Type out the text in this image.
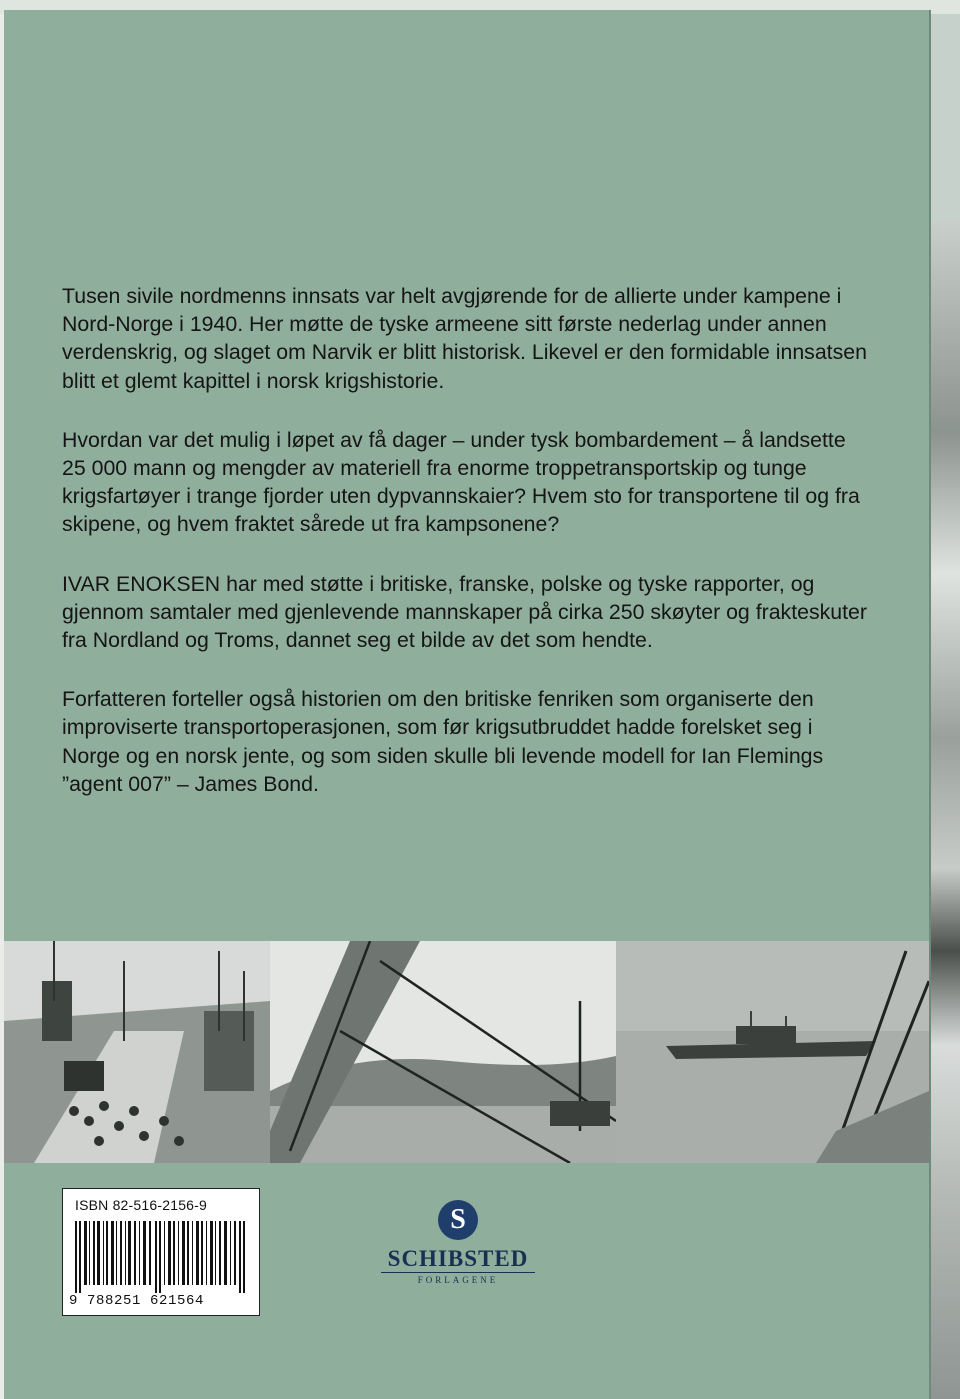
Tusen sivile nordmenns innsats var helt avgjørende for de allierte under kampene i Nord-Norge i 1940. Her møtte de tyske armeene sitt første nederlag under annen verdenskrig, og slaget om Narvik er blitt historisk. Likevel er den formidable innsatsen blitt et glemt kapittel i norsk krigshistorie.

Hvordan var det mulig i løpet av få dager – under tysk bombardement – å landsette 25 000 mann og mengder av materiell fra enorme troppetransportskip og tunge krigsfartøyer i trange fjorder uten dypvannskaier? Hvem sto for transportene til og fra skipene, og hvem fraktet sårede ut fra kampsonene?

IVAR ENOKSEN har med støtte i britiske, franske, polske og tyske rapporter, og gjennom samtaler med gjenlevende mannskaper på cirka 250 skøyter og frakteskuter fra Nordland og Troms, dannet seg et bilde av det som hendte.

Forfatteren forteller også historien om den britiske fenriken som organiserte den improviserte transportoperasjonen, som før krigsutbruddet hadde forelsket seg i Norge og en norsk jente, og som siden skulle bli levende modell for Ian Flemings ”agent 007” – James Bond.

ISBN 82-516-2156-9
9 788251 621564
S
SCHIBSTED
FORLAGENE
